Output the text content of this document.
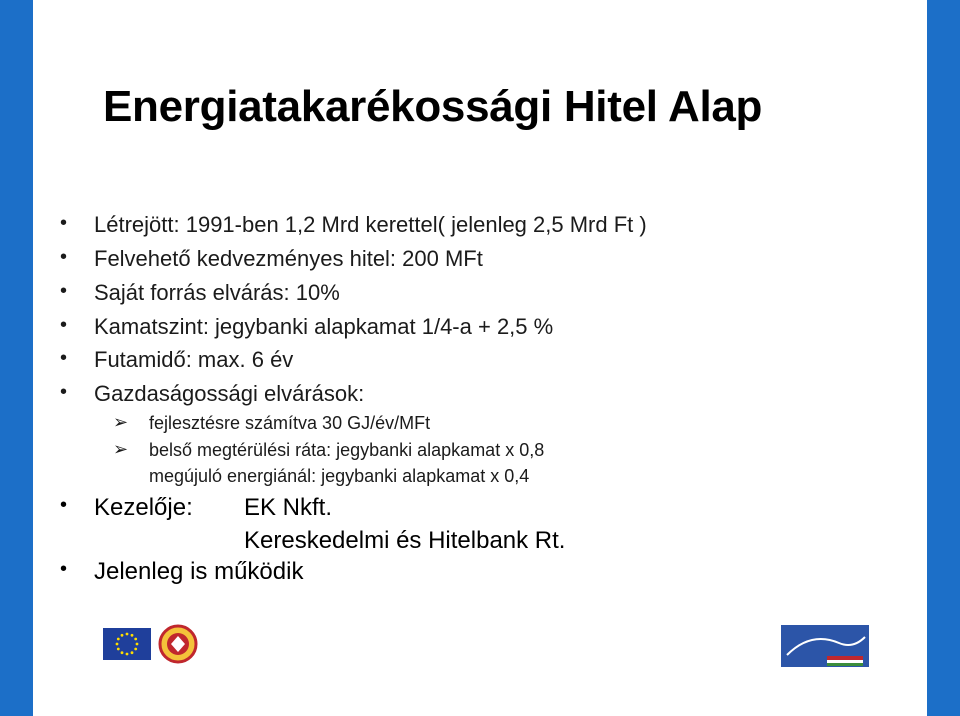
Energiatakarékossági Hitel Alap
• Létrejött: 1991-ben 1,2 Mrd kerettel( jelenleg 2,5 Mrd Ft )
• Felvehető kedvezményes hitel: 200 MFt
• Saját forrás elvárás: 10%
• Kamatszint: jegybanki alapkamat 1/4-a + 2,5 %
• Futamidő: max. 6 év
• Gazdaságossági elvárások:
➢ fejlesztésre számítva 30 GJ/év/MFt
➢ belső megtérülési ráta: jegybanki alapkamat x 0,8
megújuló energiánál: jegybanki alapkamat x 0,4
• Kezelője: EK Nkft.
Kereskedelmi és Hitelbank Rt.
• Jelenleg is működik
